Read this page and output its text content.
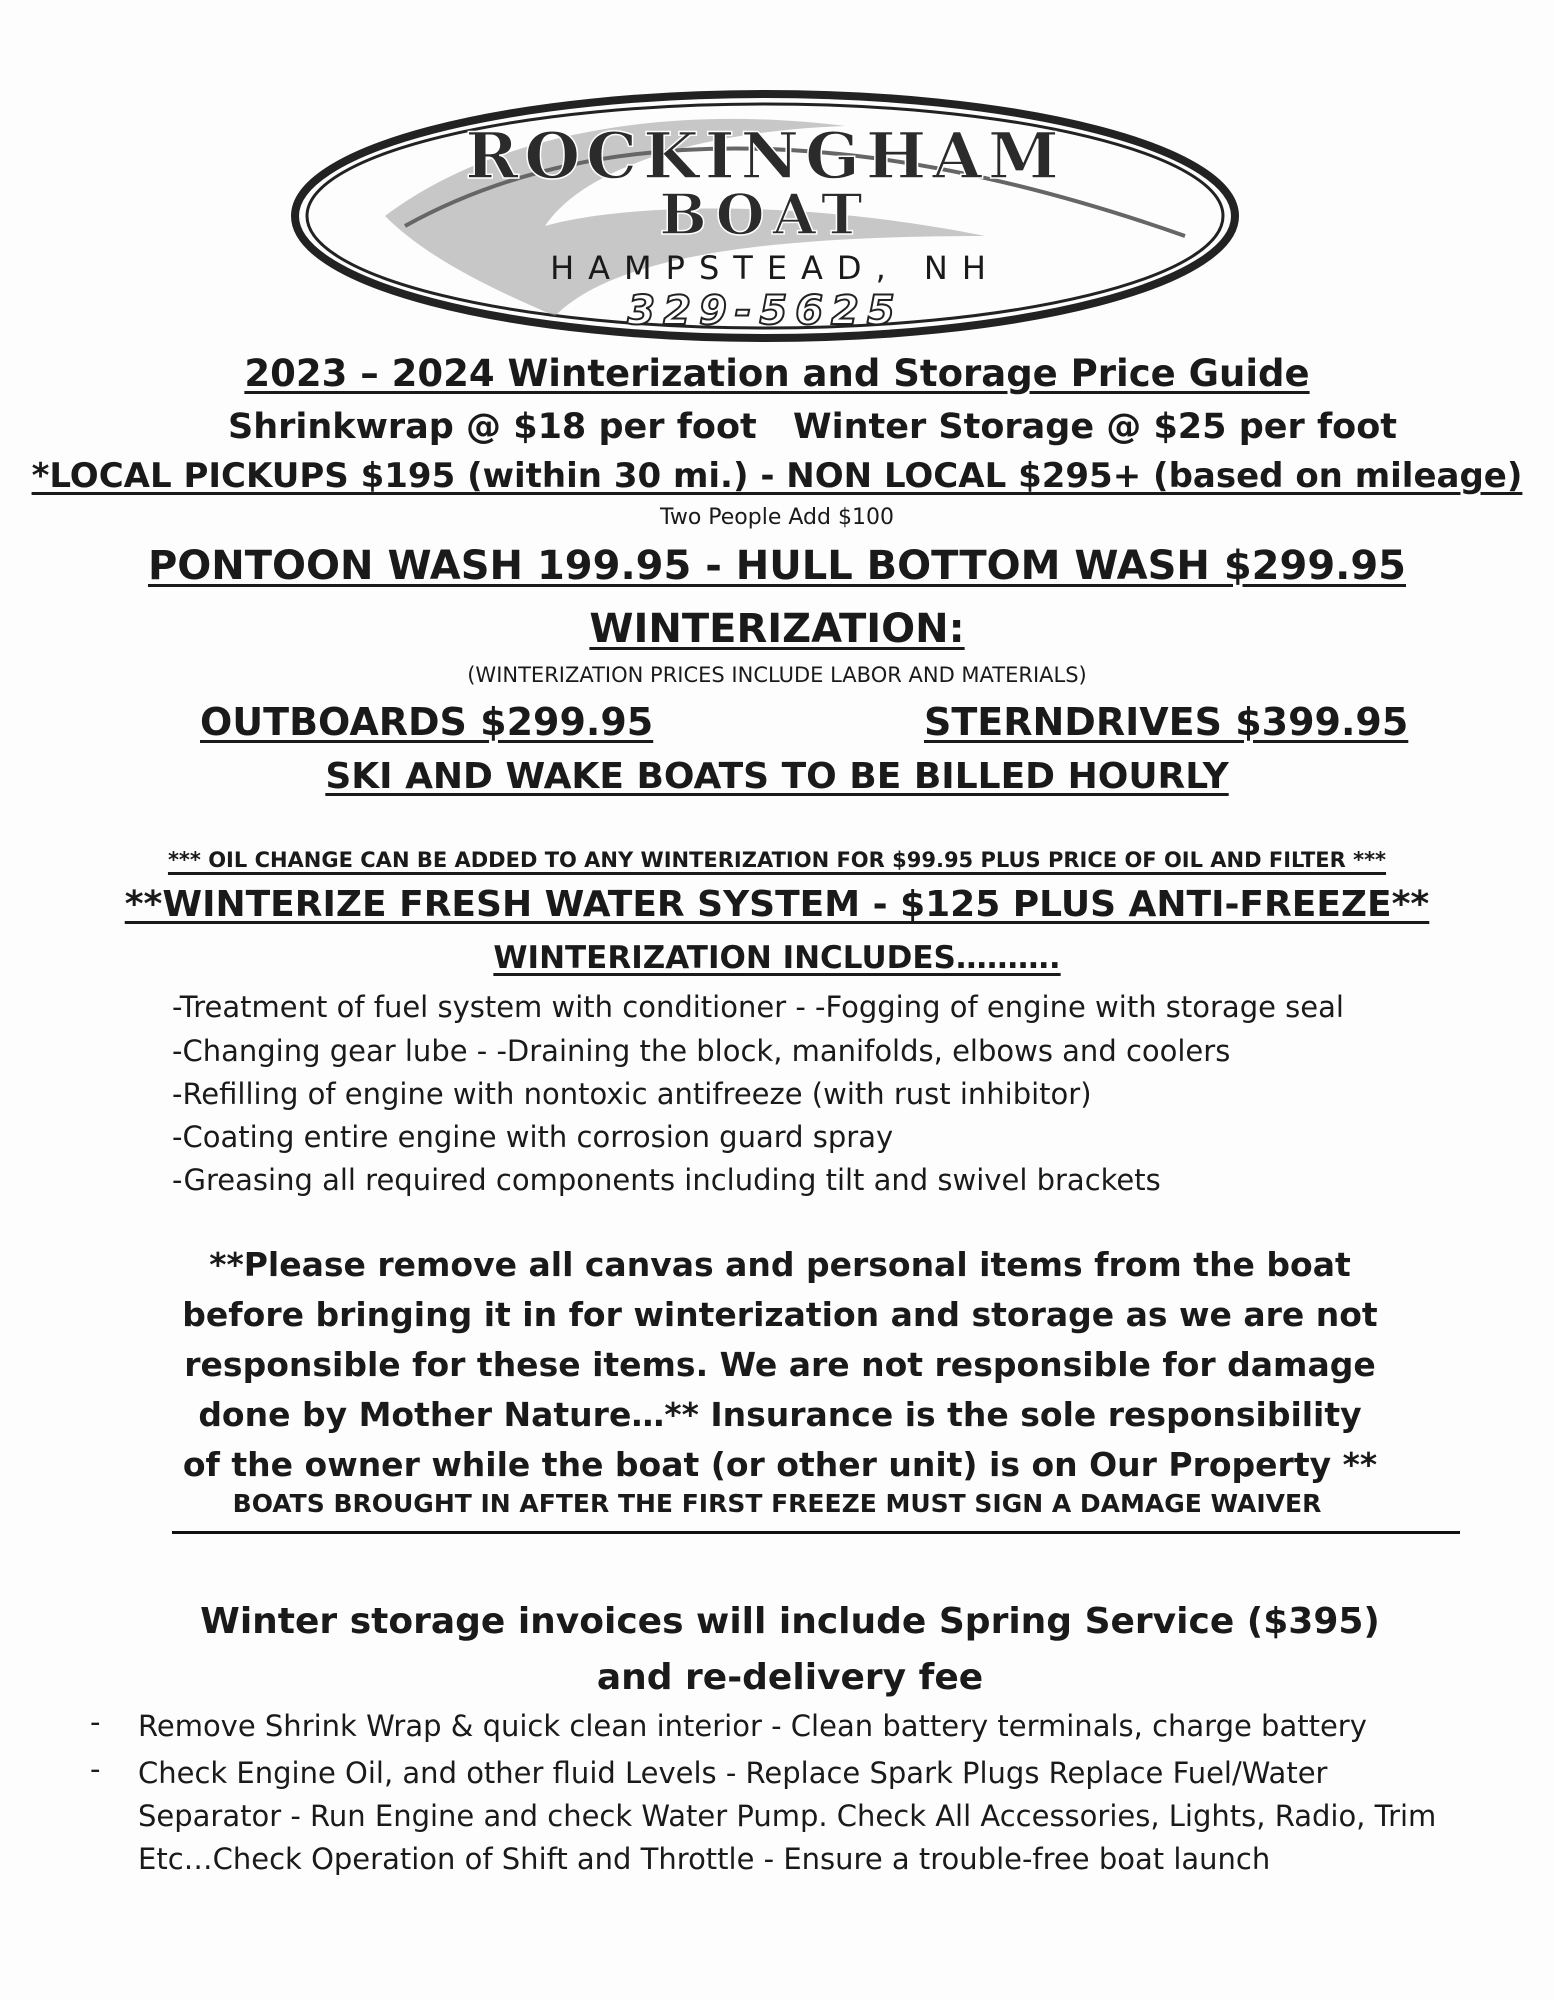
ROCKINGHAM
BOAT
HAMPSTEAD, NH
329-5625
2023 – 2024 Winterization and Storage Price Guide
Shrinkwrap @ $18 per foot Winter Storage @ $25 per foot
*LOCAL PICKUPS $195 (within 30 mi.) - NON LOCAL $295+ (based on mileage)
Two People Add $100
PONTOON WASH 199.95 - HULL BOTTOM WASH $299.95
WINTERIZATION:
(WINTERIZATION PRICES INCLUDE LABOR AND MATERIALS)
OUTBOARDS $299.95	STERNDRIVES $399.95
SKI AND WAKE BOATS TO BE BILLED HOURLY
*** OIL CHANGE CAN BE ADDED TO ANY WINTERIZATION FOR $99.95 PLUS PRICE OF OIL AND FILTER ***
**WINTERIZE FRESH WATER SYSTEM - $125 PLUS ANTI-FREEZE**
WINTERIZATION INCLUDES……….
-Treatment of fuel system with conditioner - -Fogging of engine with storage seal
-Changing gear lube - -Draining the block, manifolds, elbows and coolers
-Refilling of engine with nontoxic antifreeze (with rust inhibitor)
-Coating entire engine with corrosion guard spray
-Greasing all required components including tilt and swivel brackets
**Please remove all canvas and personal items from the boat before bringing it in for winterization and storage as we are not responsible for these items. We are not responsible for damage done by Mother Nature…** Insurance is the sole responsibility of the owner while the boat (or other unit) is on Our Property **
BOATS BROUGHT IN AFTER THE FIRST FREEZE MUST SIGN A DAMAGE WAIVER
Winter storage invoices will include Spring Service ($395) and re-delivery fee
- Remove Shrink Wrap & quick clean interior - Clean battery terminals, charge battery
- Check Engine Oil, and other fluid Levels - Replace Spark Plugs Replace Fuel/Water Separator - Run Engine and check Water Pump. Check All Accessories, Lights, Radio, Trim Etc…Check Operation of Shift and Throttle - Ensure a trouble-free boat launch
